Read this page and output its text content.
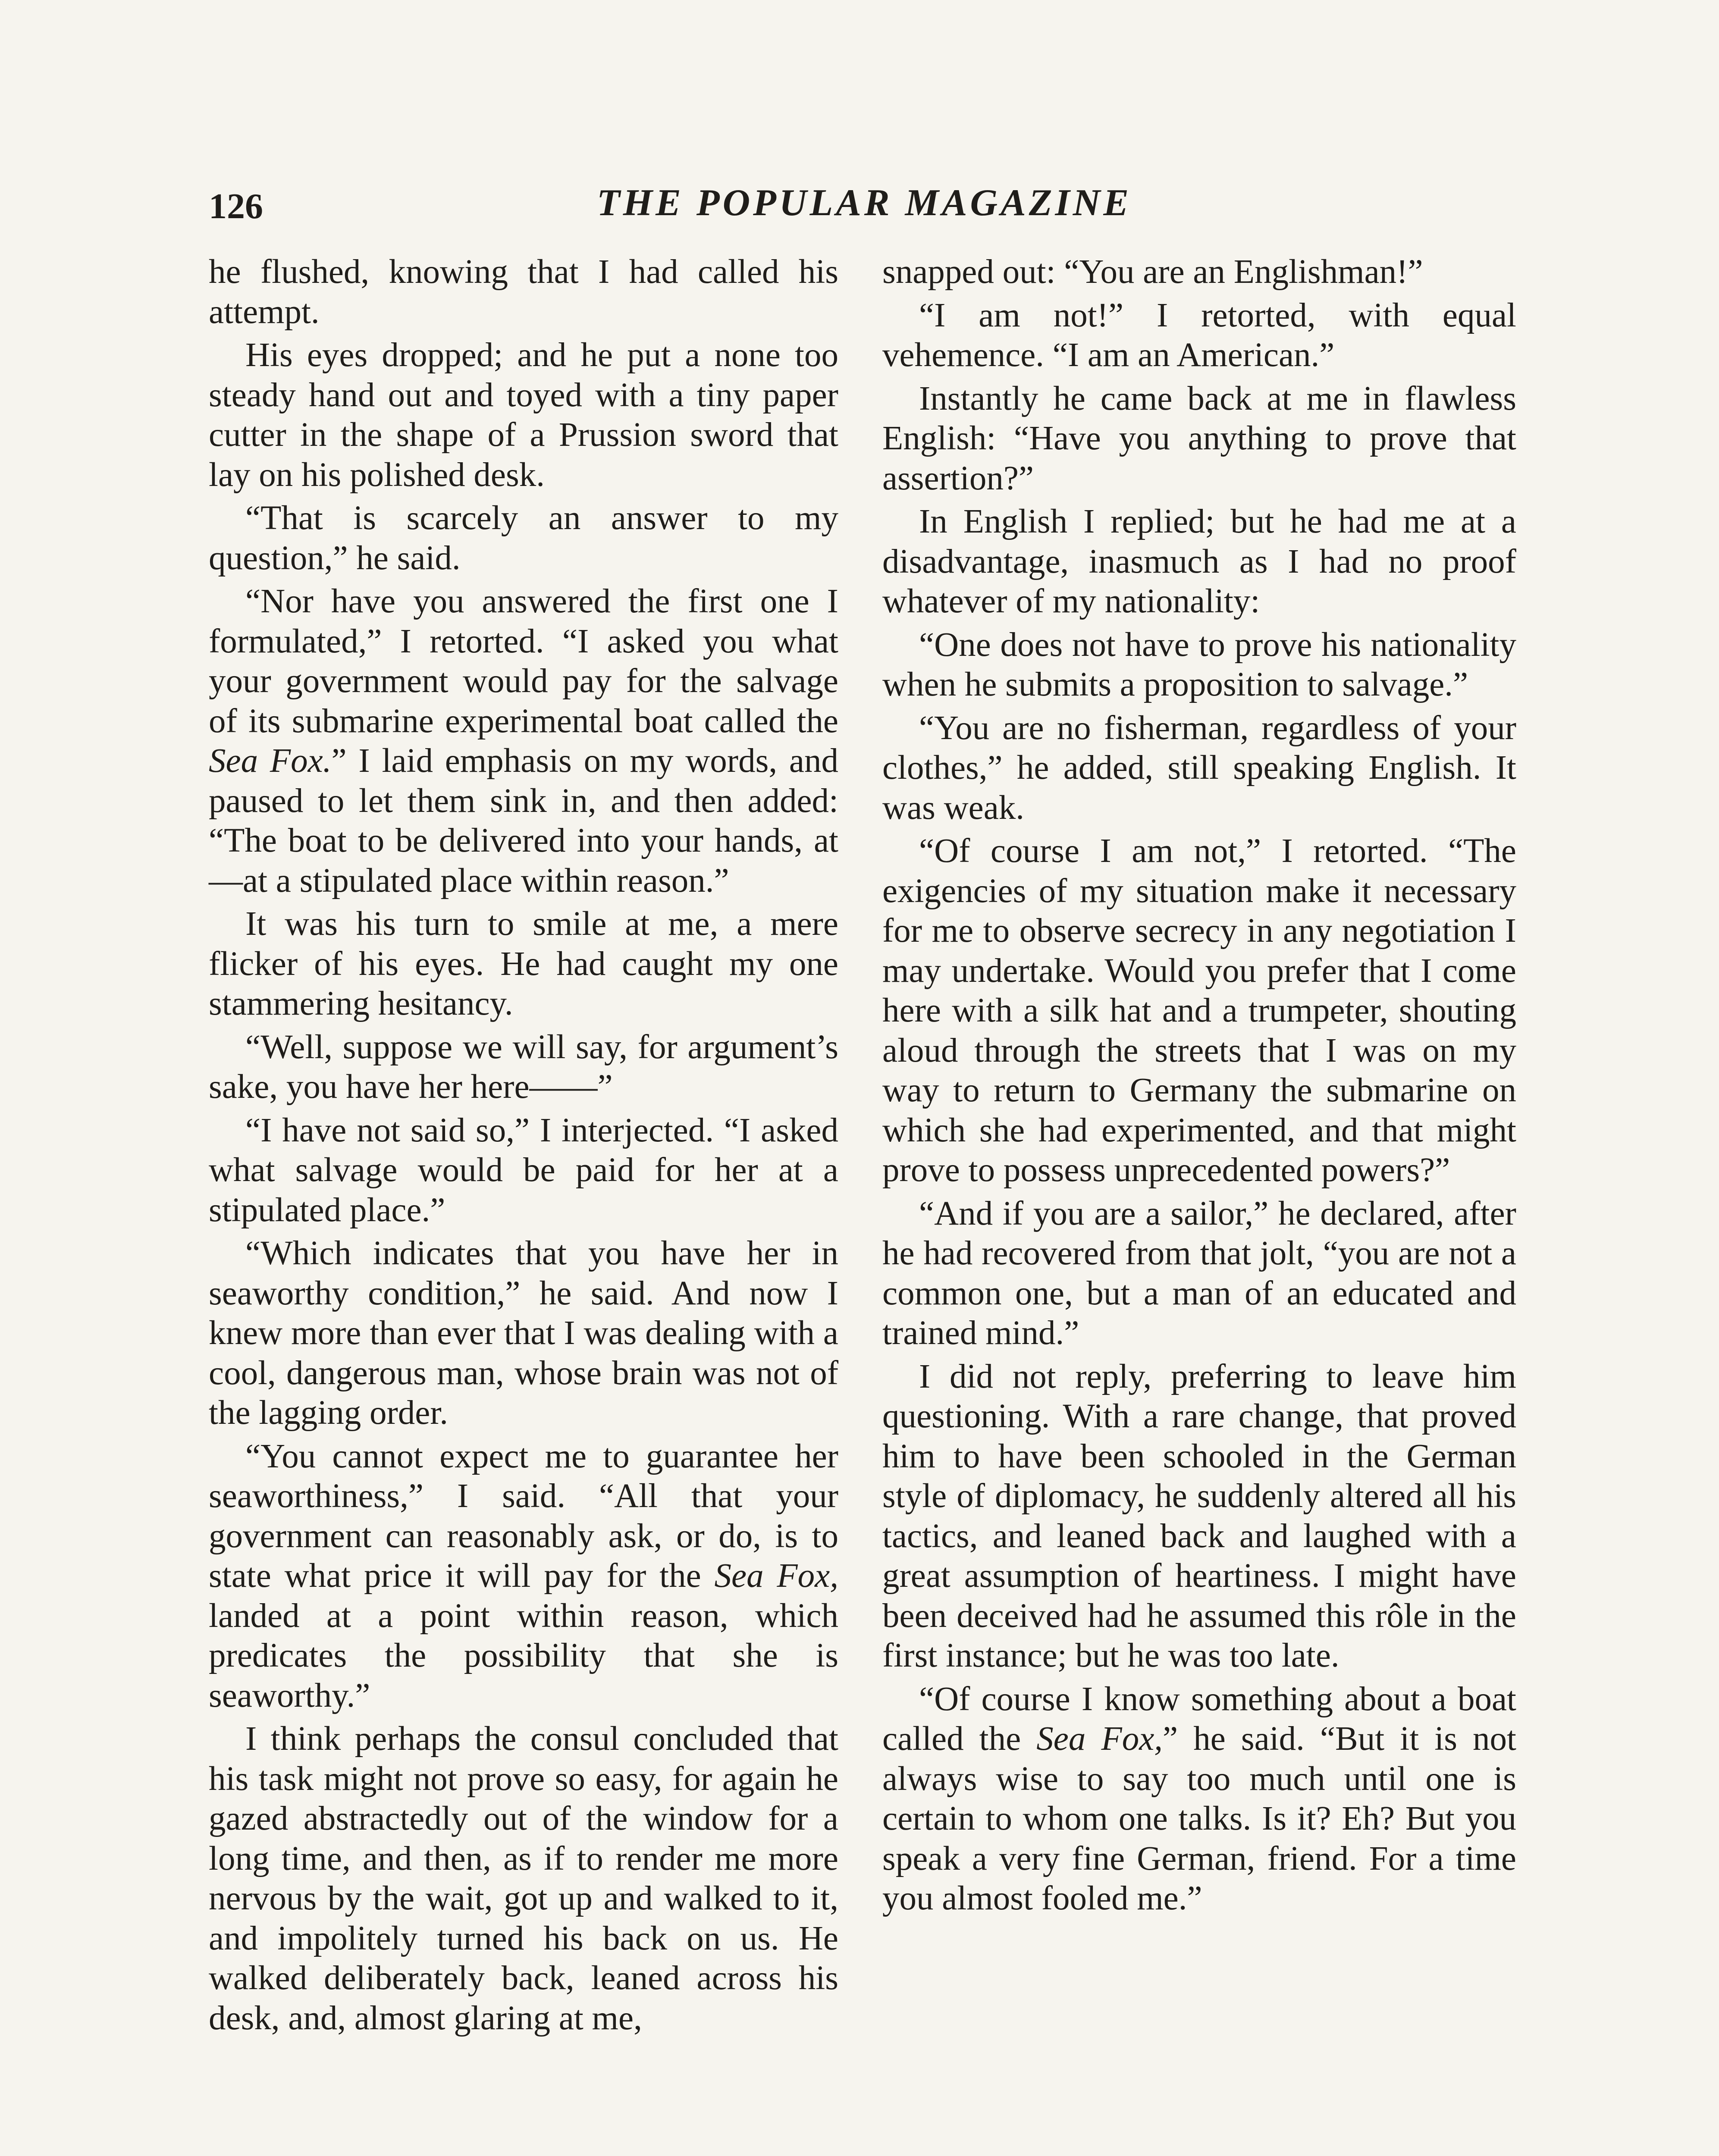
126	THE POPULAR MAGAZINE

he flushed, knowing that I had called his attempt.

His eyes dropped; and he put a none too steady hand out and toyed with a tiny paper cutter in the shape of a Prussion sword that lay on his polished desk.

“That is scarcely an answer to my question,” he said.

“Nor have you answered the first one I formulated,” I retorted. “I asked you what your government would pay for the salvage of its submarine experimental boat called the Sea Fox.” I laid emphasis on my words, and paused to let them sink in, and then added: “The boat to be delivered into your hands, at—at a stipulated place within reason.”

It was his turn to smile at me, a mere flicker of his eyes. He had caught my one stammering hesitancy.

“Well, suppose we will say, for argument’s sake, you have her here——”

“I have not said so,” I interjected. “I asked what salvage would be paid for her at a stipulated place.”

“Which indicates that you have her in seaworthy condition,” he said. And now I knew more than ever that I was dealing with a cool, dangerous man, whose brain was not of the lagging order.

“You cannot expect me to guarantee her seaworthiness,” I said. “All that your government can reasonably ask, or do, is to state what price it will pay for the Sea Fox, landed at a point within reason, which predicates the possibility that she is seaworthy.”

I think perhaps the consul concluded that his task might not prove so easy, for again he gazed abstractedly out of the window for a long time, and then, as if to render me more nervous by the wait, got up and walked to it, and impolitely turned his back on us. He walked deliberately back, leaned across his desk, and, almost glaring at me,

snapped out: “You are an Englishman!”

“I am not!” I retorted, with equal vehemence. “I am an American.”

Instantly he came back at me in flawless English: “Have you anything to prove that assertion?”

In English I replied; but he had me at a disadvantage, inasmuch as I had no proof whatever of my nationality:

“One does not have to prove his nationality when he submits a proposition to salvage.”

“You are no fisherman, regardless of your clothes,” he added, still speaking English. It was weak.

“Of course I am not,” I retorted. “The exigencies of my situation make it necessary for me to observe secrecy in any negotiation I may undertake. Would you prefer that I come here with a silk hat and a trumpeter, shouting aloud through the streets that I was on my way to return to Germany the submarine on which she had experimented, and that might prove to possess unprecedented powers?”

“And if you are a sailor,” he declared, after he had recovered from that jolt, “you are not a common one, but a man of an educated and trained mind.”

I did not reply, preferring to leave him questioning. With a rare change, that proved him to have been schooled in the German style of diplomacy, he suddenly altered all his tactics, and leaned back and laughed with a great assumption of heartiness. I might have been deceived had he assumed this rôle in the first instance; but he was too late.

“Of course I know something about a boat called the Sea Fox,” he said. “But it is not always wise to say too much until one is certain to whom one talks. Is it? Eh? But you speak a very fine German, friend. For a time you almost fooled me.”
